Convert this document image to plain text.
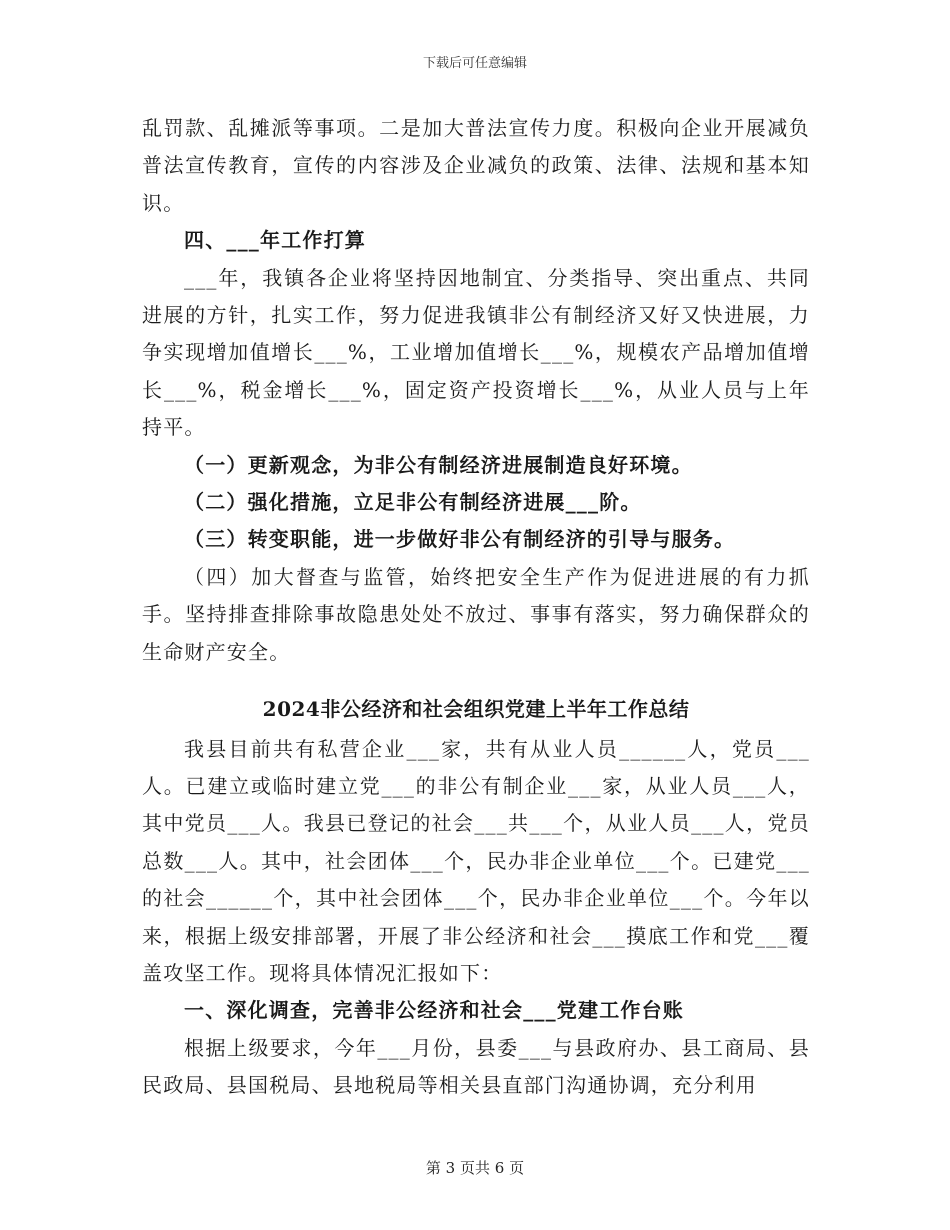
下载后可任意编辑

乱罚款、乱摊派等事项。二是加大普法宣传力度。积极向企业开展减负普法宣传教育，宣传的内容涉及企业减负的政策、法律、法规和基本知识。

四、___年工作打算

___年，我镇各企业将坚持因地制宜、分类指导、突出重点、共同进展的方针，扎实工作，努力促进我镇非公有制经济又好又快进展，力争实现增加值增长___%，工业增加值增长___%，规模农产品增加值增长___%，税金增长___%，固定资产投资增长___%，从业人员与上年持平。

（一）更新观念，为非公有制经济进展制造良好环境。

（二）强化措施，立足非公有制经济进展___阶。

（三）转变职能，进一步做好非公有制经济的引导与服务。

（四）加大督查与监管，始终把安全生产作为促进进展的有力抓手。坚持排查排除事故隐患处处不放过、事事有落实，努力确保群众的生命财产安全。

2024非公经济和社会组织党建上半年工作总结

我县目前共有私营企业___家，共有从业人员______人，党员___人。已建立或临时建立党___的非公有制企业___家，从业人员___人，其中党员___人。我县已登记的社会___共___个，从业人员___人，党员总数___人。其中，社会团体___个，民办非企业单位___个。已建党___的社会______个，其中社会团体___个，民办非企业单位___个。今年以来，根据上级安排部署，开展了非公经济和社会___摸底工作和党___覆盖攻坚工作。现将具体情况汇报如下：

一、深化调查，完善非公经济和社会___党建工作台账

根据上级要求，今年___月份，县委___与县政府办、县工商局、县民政局、县国税局、县地税局等相关县直部门沟通协调，充分利用

第 3 页共 6 页
